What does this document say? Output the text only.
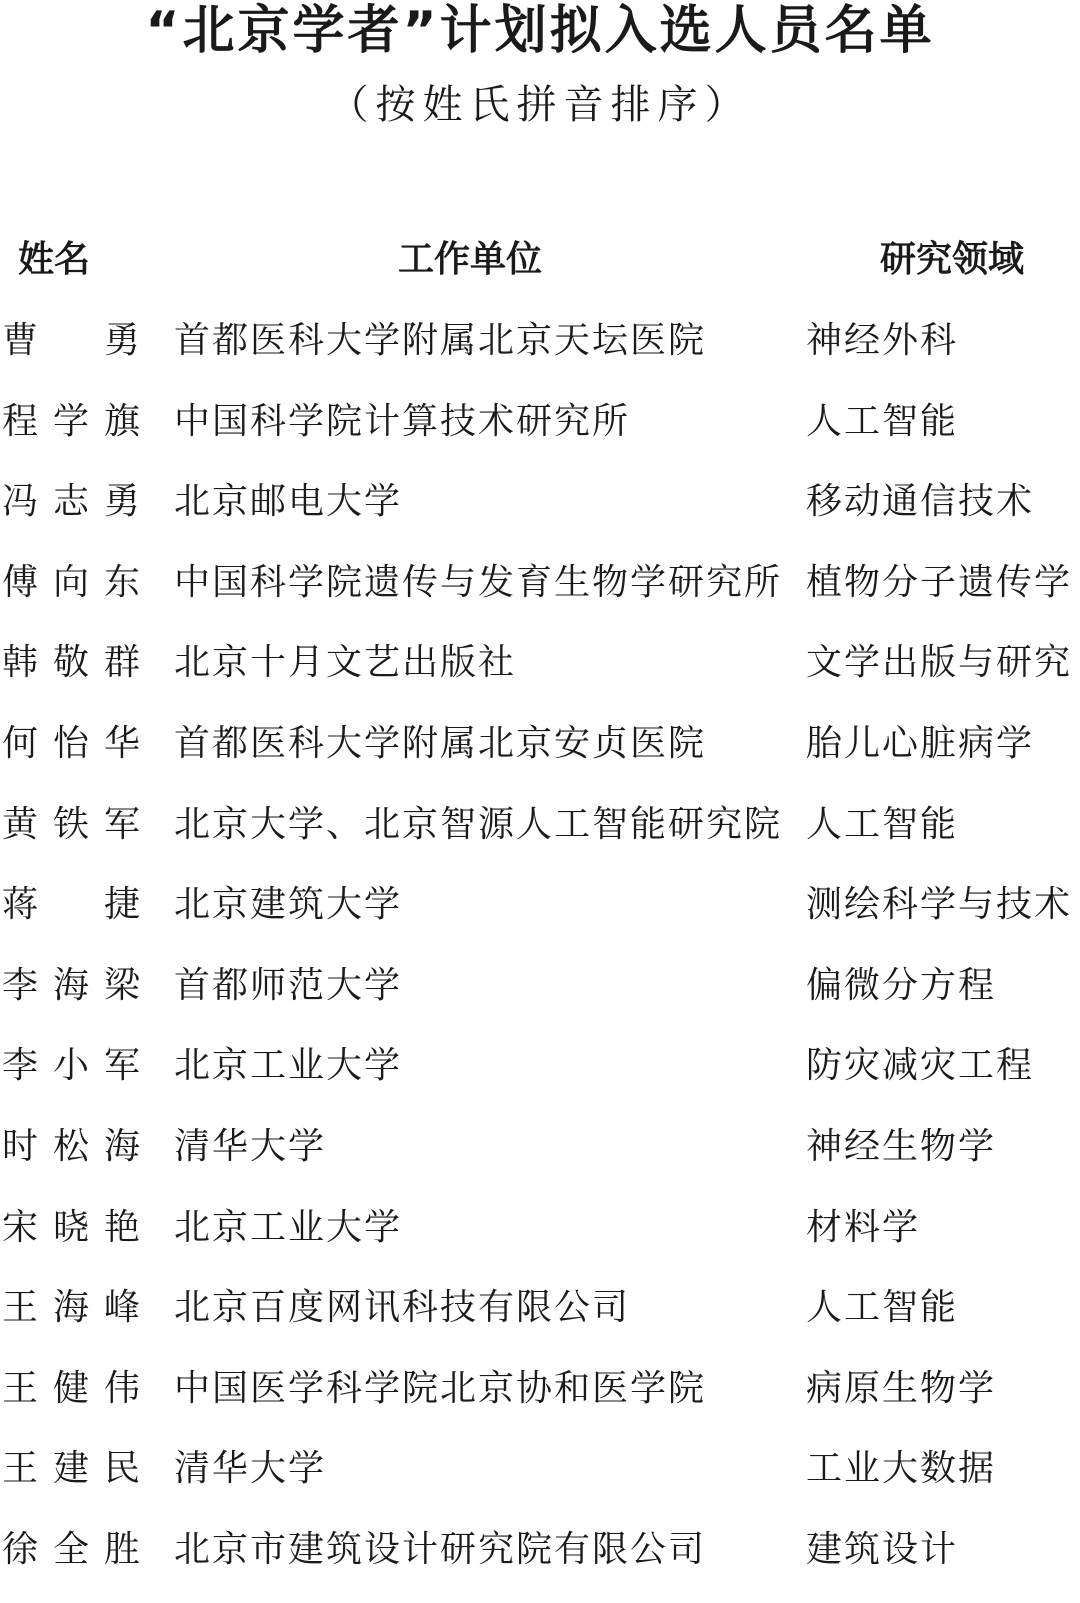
“北京学者”计划拟入选人员名单
（按姓氏拼音排序）
姓名	工作单位	研究领域
曹　勇 首都医科大学附属北京天坛医院	神经外科
程学旗 中国科学院计算技术研究所	人工智能
冯志勇 北京邮电大学	移动通信技术
傅向东 中国科学院遗传与发育生物学研究所 植物分子遗传学
韩敬群 北京十月文艺出版社	文学出版与研究
何怡华 首都医科大学附属北京安贞医院	胎儿心脏病学
黄铁军 北京大学、北京智源人工智能研究院 人工智能
蒋　捷 北京建筑大学	测绘科学与技术
李海梁 首都师范大学	偏微分方程
李小军 北京工业大学	防灾减灾工程
时松海 清华大学	神经生物学
宋晓艳 北京工业大学	材料学
王海峰 北京百度网讯科技有限公司	人工智能
王健伟 中国医学科学院北京协和医学院	病原生物学
王建民 清华大学	工业大数据
徐全胜 北京市建筑设计研究院有限公司	建筑设计
